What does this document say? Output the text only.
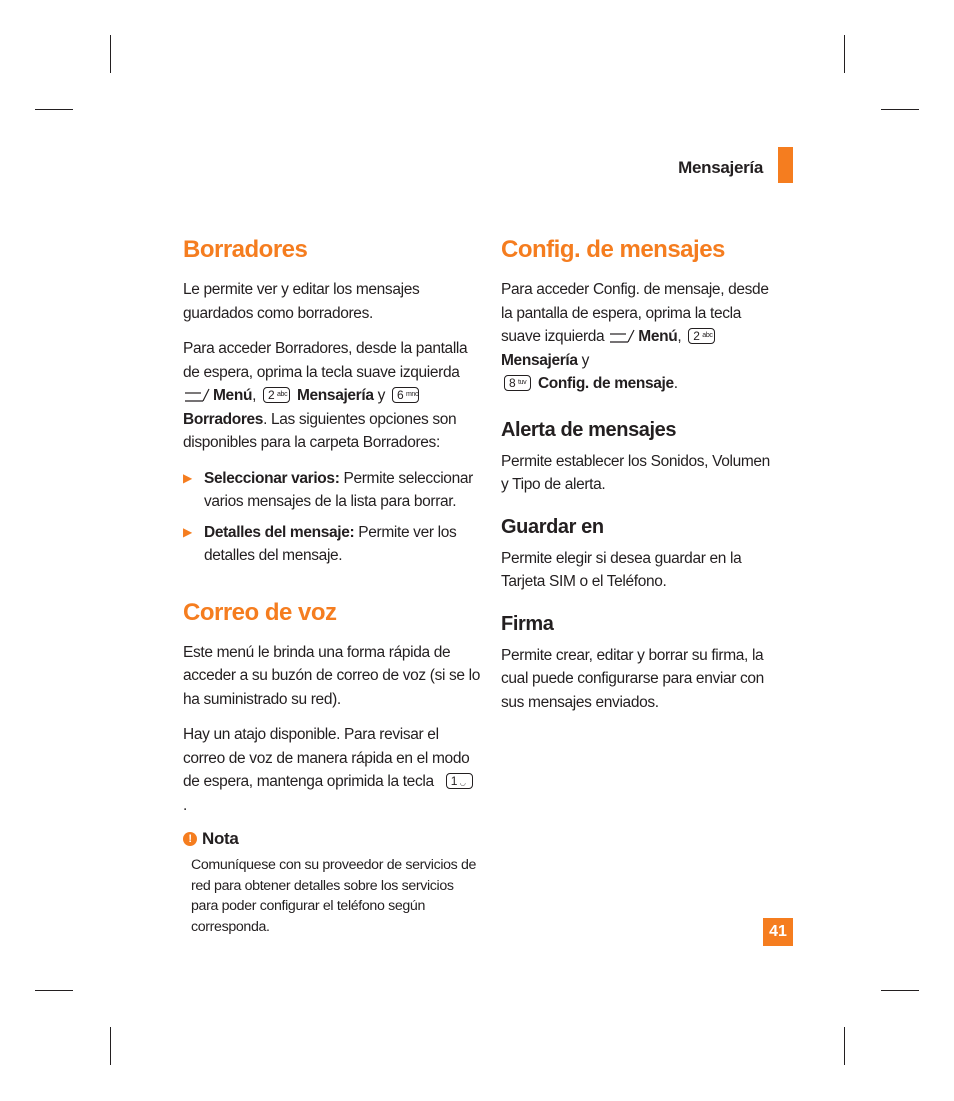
Mensajería
Borradores

Le permite ver y editar los mensajes guardados como borradores.

Para acceder Borradores, desde la pantalla de espera, oprima la tecla suave izquierda Menú, 2 abc Mensajería y 6 mno
Borradores. Las siguientes opciones son disponibles para la carpeta Borradores:

▶ Seleccionar varios: Permite seleccionar varios mensajes de la lista para borrar.
▶ Detalles del mensaje: Permite ver los detalles del mensaje.
Correo de voz

Este menú le brinda una forma rápida de acceder a su buzón de correo de voz (si se lo ha suministrado su red).

Hay un atajo disponible. Para revisar el correo de voz de manera rápida en el modo de espera, mantenga oprimida la tecla 1 ◡
.

! Nota

Comuníquese con su proveedor de servicios de red para obtener detalles sobre los servicios para poder configurar el teléfono según corresponda.

Config. de mensajes

Para acceder Config. de mensaje, desde la pantalla de espera, oprima la tecla suave izquierda Menú, 2 abc
Mensajería y

8 tuv Config. de mensaje.

Alerta de mensajes

Permite establecer los Sonidos, Volumen y Tipo de alerta.

Guardar en

Permite elegir si desea guardar en la Tarjeta SIM o el Teléfono.

Firma

Permite crear, editar y borrar su firma, la cual puede configurarse para enviar con sus mensajes enviados.

41
